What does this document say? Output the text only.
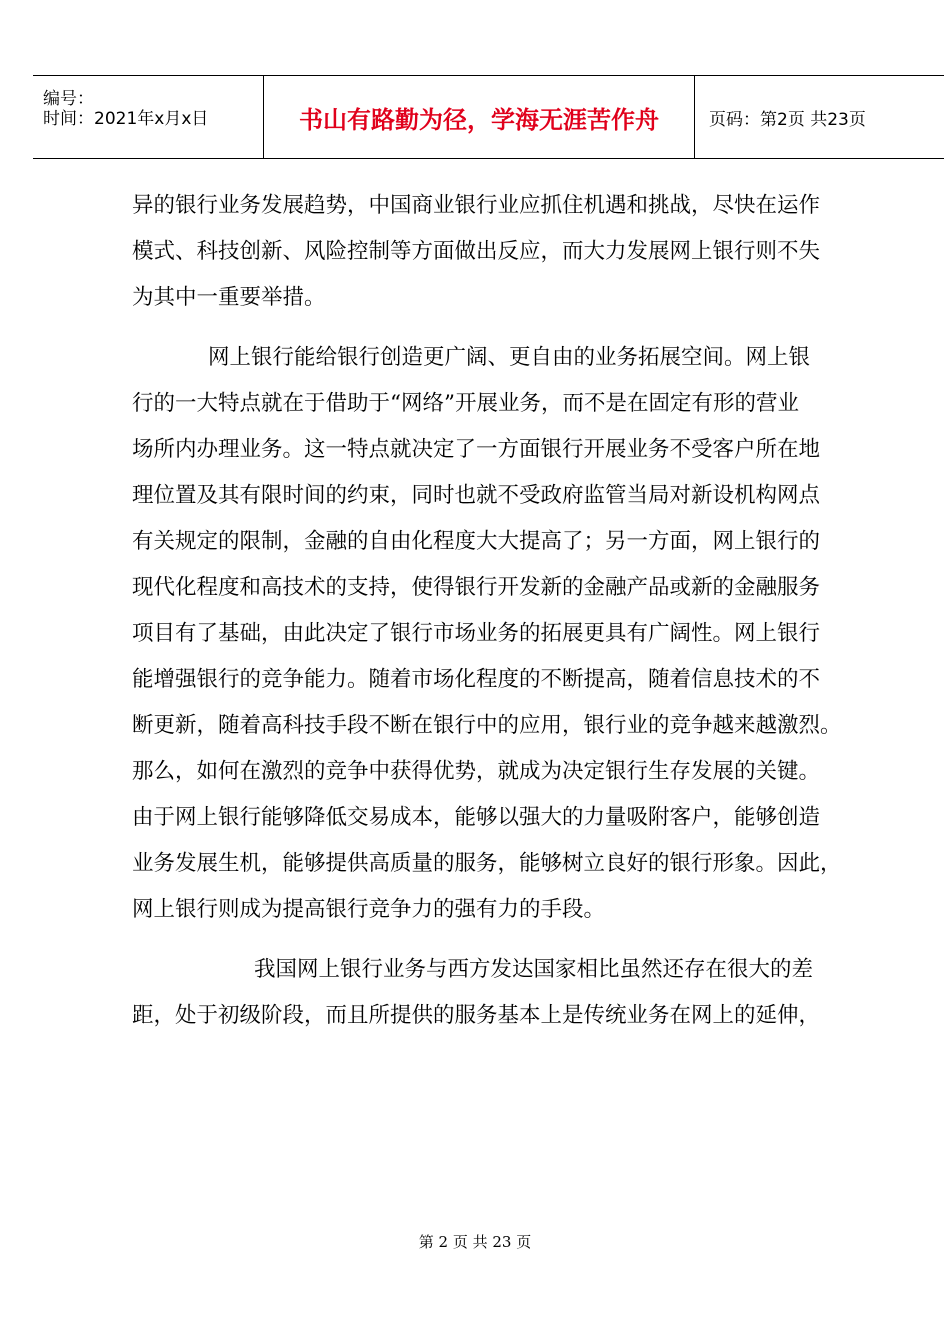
编号：
时间：2021年x月x日	书山有路勤为径，学海无涯苦作舟	页码：第2页 共23页

异的银行业务发展趋势，中国商业银行业应抓住机遇和挑战，尽快在运作
模式、科技创新、风险控制等方面做出反应，而大力发展网上银行则不失
为其中一重要举措。

网上银行能给银行创造更广阔、更自由的业务拓展空间。网上银
行的一大特点就在于借助于“网络”开展业务，而不是在固定有形的营业
场所内办理业务。这一特点就决定了一方面银行开展业务不受客户所在地
理位置及其有限时间的约束，同时也就不受政府监管当局对新设机构网点
有关规定的限制，金融的自由化程度大大提高了；另一方面，网上银行的
现代化程度和高技术的支持，使得银行开发新的金融产品或新的金融服务
项目有了基础，由此决定了银行市场业务的拓展更具有广阔性。网上银行
能增强银行的竞争能力。随着市场化程度的不断提高，随着信息技术的不
断更新，随着高科技手段不断在银行中的应用，银行业的竞争越来越激烈。
那么，如何在激烈的竞争中获得优势，就成为决定银行生存发展的关键。
由于网上银行能够降低交易成本，能够以强大的力量吸附客户，能够创造
业务发展生机，能够提供高质量的服务，能够树立良好的银行形象。因此，
网上银行则成为提高银行竞争力的强有力的手段。

我国网上银行业务与西方发达国家相比虽然还存在很大的差
距，处于初级阶段，而且所提供的服务基本上是传统业务在网上的延伸，

第 2 页 共 23 页
